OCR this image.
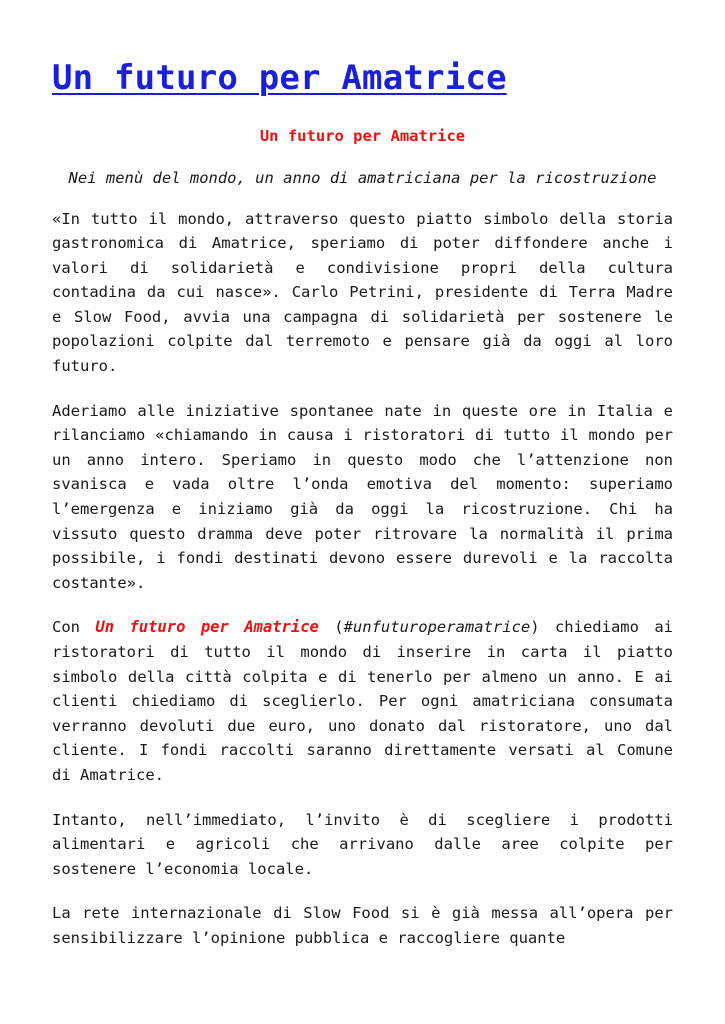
Un futuro per Amatrice

Un futuro per Amatrice

Nei menù del mondo, un anno di amatriciana per la ricostruzione

«In tutto il mondo, attraverso questo piatto simbolo della storia gastronomica di Amatrice, speriamo di poter diffondere anche i valori di solidarietà e condivisione propri della cultura contadina da cui nasce». Carlo Petrini, presidente di Terra Madre e Slow Food, avvia una campagna di solidarietà per sostenere le popolazioni colpite dal terremoto e pensare già da oggi al loro futuro.

Aderiamo alle iniziative spontanee nate in queste ore in Italia e rilanciamo «chiamando in causa i ristoratori di tutto il mondo per un anno intero. Speriamo in questo modo che l’attenzione non svanisca e vada oltre l’onda emotiva del momento: superiamo l’emergenza e iniziamo già da oggi la ricostruzione. Chi ha vissuto questo dramma deve poter ritrovare la normalità il prima possibile, i fondi destinati devono essere durevoli e la raccolta costante».

Con Un futuro per Amatrice (#unfuturoperamatrice) chiediamo ai ristoratori di tutto il mondo di inserire in carta il piatto simbolo della città colpita e di tenerlo per almeno un anno. E ai clienti chiediamo di sceglierlo. Per ogni amatriciana consumata verranno devoluti due euro, uno donato dal ristoratore, uno dal cliente. I fondi raccolti saranno direttamente versati al Comune di Amatrice.

Intanto, nell’immediato, l’invito è di scegliere i prodotti alimentari e agricoli che arrivano dalle aree colpite per sostenere l’economia locale.

La rete internazionale di Slow Food si è già messa all’opera per sensibilizzare l’opinione pubblica e raccogliere quante
